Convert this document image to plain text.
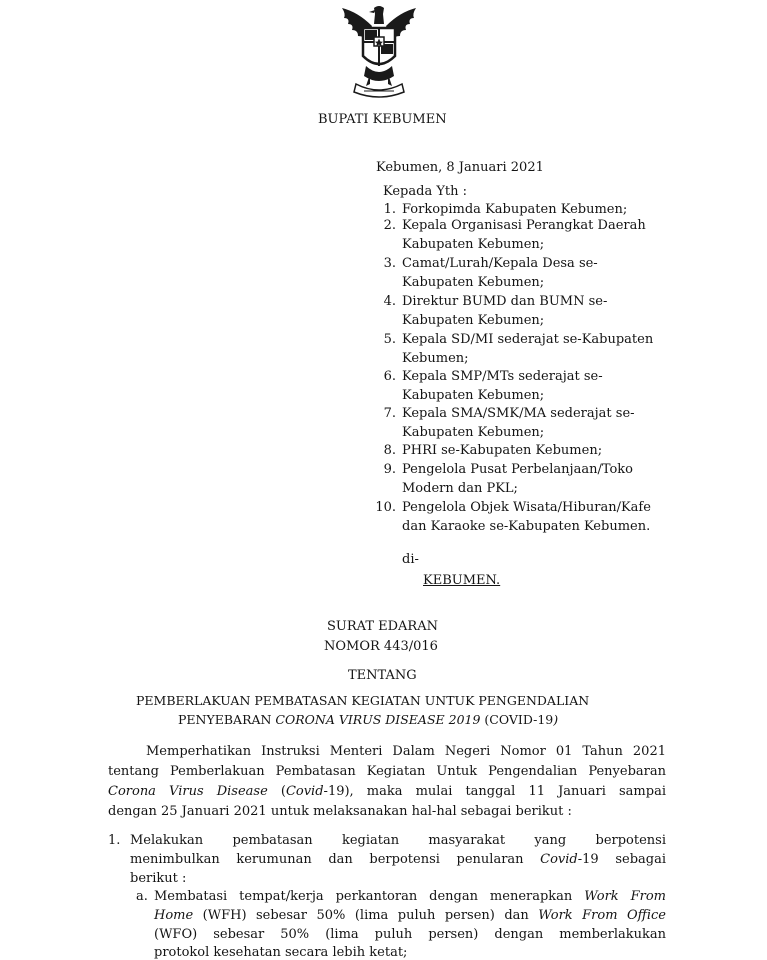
BUPATI KEBUMEN
Kebumen, 8 Januari 2021
Kepada Yth :
1. Forkopimda Kabupaten Kebumen;
2. Kepala Organisasi Perangkat Daerah
Kabupaten Kebumen;
3. Camat/Lurah/Kepala Desa se-
Kabupaten Kebumen;
4. Direktur BUMD dan BUMN se-
Kabupaten Kebumen;
5. Kepala SD/MI sederajat se-Kabupaten
Kebumen;
6. Kepala SMP/MTs sederajat se-
Kabupaten Kebumen;
7. Kepala SMA/SMK/MA sederajat se-
Kabupaten Kebumen;
8. PHRI se-Kabupaten Kebumen;
9. Pengelola Pusat Perbelanjaan/Toko
Modern dan PKL;
10. Pengelola Objek Wisata/Hiburan/Kafe
dan Karaoke se-Kabupaten Kebumen.
di-
KEBUMEN.
SURAT EDARAN
NOMOR 443/016
TENTANG
PEMBERLAKUAN PEMBATASAN KEGIATAN UNTUK PENGENDALIAN
PENYEBARAN CORONA VIRUS DISEASE 2019 (COVID-19)
Memperhatikan Instruksi Menteri Dalam Negeri Nomor 01 Tahun 2021
tentang Pemberlakuan Pembatasan Kegiatan Untuk Pengendalian Penyebaran
Corona Virus Disease (Covid-19), maka mulai tanggal 11 Januari sampai
dengan 25 Januari 2021 untuk melaksanakan hal-hal sebagai berikut :
1. Melakukan pembatasan kegiatan masyarakat yang berpotensi
menimbulkan kerumunan dan berpotensi penularan Covid-19 sebagai
berikut :
a. Membatasi tempat/kerja perkantoran dengan menerapkan Work From
Home (WFH) sebesar 50% (lima puluh persen) dan Work From Office
(WFO) sebesar 50% (lima puluh persen) dengan memberlakukan
protokol kesehatan secara lebih ketat;
